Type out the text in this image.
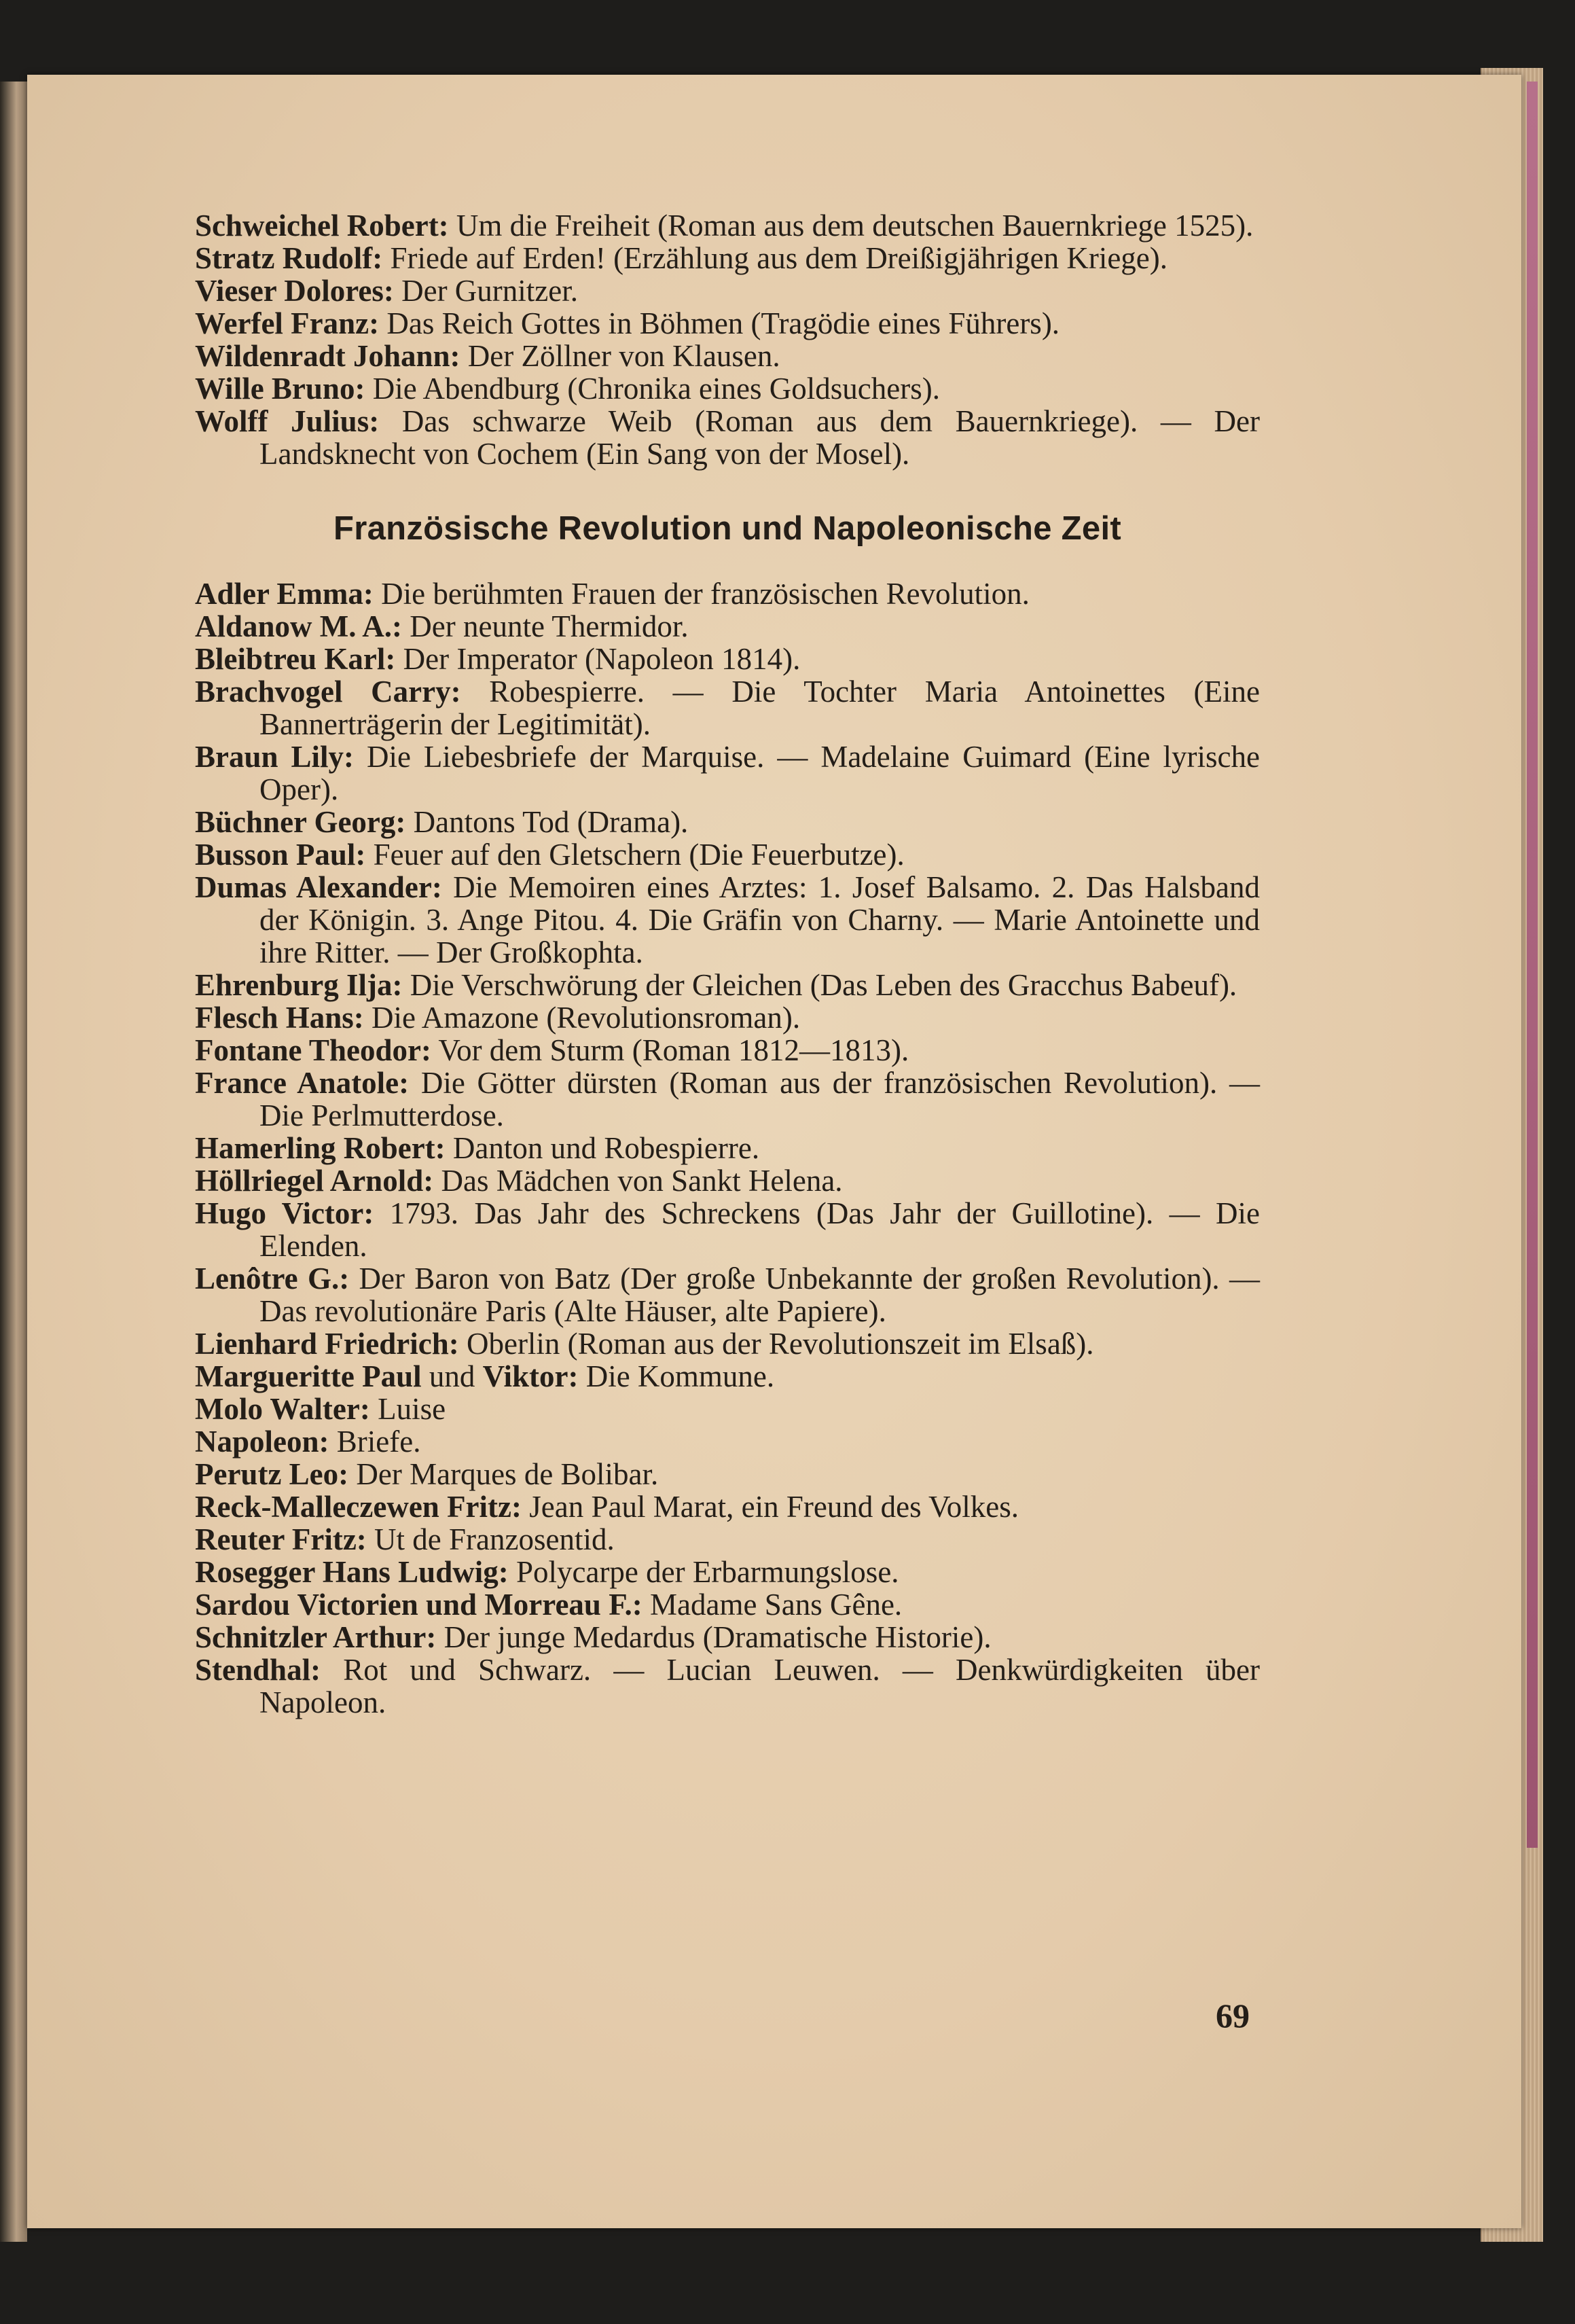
Schweichel Robert: Um die Freiheit (Roman aus dem deutschen Bauernkriege 1525).

Stratz Rudolf: Friede auf Erden! (Erzählung aus dem Dreißigjährigen Kriege).

Vieser Dolores: Der Gurnitzer.

Werfel Franz: Das Reich Gottes in Böhmen (Tragödie eines Führers).

Wildenradt Johann: Der Zöllner von Klausen.

Wille Bruno: Die Abendburg (Chronika eines Goldsuchers).

Wolff Julius: Das schwarze Weib (Roman aus dem Bauernkriege). — Der Landsknecht von Cochem (Ein Sang von der Mosel).

Französische Revolution und Napoleonische Zeit

Adler Emma: Die berühmten Frauen der französischen Revolution.

Aldanow M. A.: Der neunte Thermidor.

Bleibtreu Karl: Der Imperator (Napoleon 1814).

Brachvogel Carry: Robespierre. — Die Tochter Maria Antoinettes (Eine Bannerträgerin der Legitimität).

Braun Lily: Die Liebesbriefe der Marquise. — Madelaine Guimard (Eine lyrische Oper).

Büchner Georg: Dantons Tod (Drama).

Busson Paul: Feuer auf den Gletschern (Die Feuerbutze).

Dumas Alexander: Die Memoiren eines Arztes: 1. Josef Balsamo. 2. Das Halsband der Königin. 3. Ange Pitou. 4. Die Gräfin von Charny. — Marie Antoinette und ihre Ritter. — Der Großkophta.

Ehrenburg Ilja: Die Verschwörung der Gleichen (Das Leben des Gracchus Babeuf).

Flesch Hans: Die Amazone (Revolutionsroman).

Fontane Theodor: Vor dem Sturm (Roman 1812—1813).

France Anatole: Die Götter dürsten (Roman aus der französischen Revolution). — Die Perlmutterdose.

Hamerling Robert: Danton und Robespierre.

Höllriegel Arnold: Das Mädchen von Sankt Helena.

Hugo Victor: 1793. Das Jahr des Schreckens (Das Jahr der Guillotine). — Die Elenden.

Lenôtre G.: Der Baron von Batz (Der große Unbekannte der großen Revolution). — Das revolutionäre Paris (Alte Häuser, alte Papiere).

Lienhard Friedrich: Oberlin (Roman aus der Revolutionszeit im Elsaß).

Margueritte Paul und Viktor: Die Kommune.

Molo Walter: Luise

Napoleon: Briefe.

Perutz Leo: Der Marques de Bolibar.

Reck-Malleczewen Fritz: Jean Paul Marat, ein Freund des Volkes.

Reuter Fritz: Ut de Franzosentid.

Rosegger Hans Ludwig: Polycarpe der Erbarmungslose.

Sardou Victorien und Morreau F.: Madame Sans Gêne.

Schnitzler Arthur: Der junge Medardus (Dramatische Historie).

Stendhal: Rot und Schwarz. — Lucian Leuwen. — Denkwürdigkeiten über Napoleon.

69
